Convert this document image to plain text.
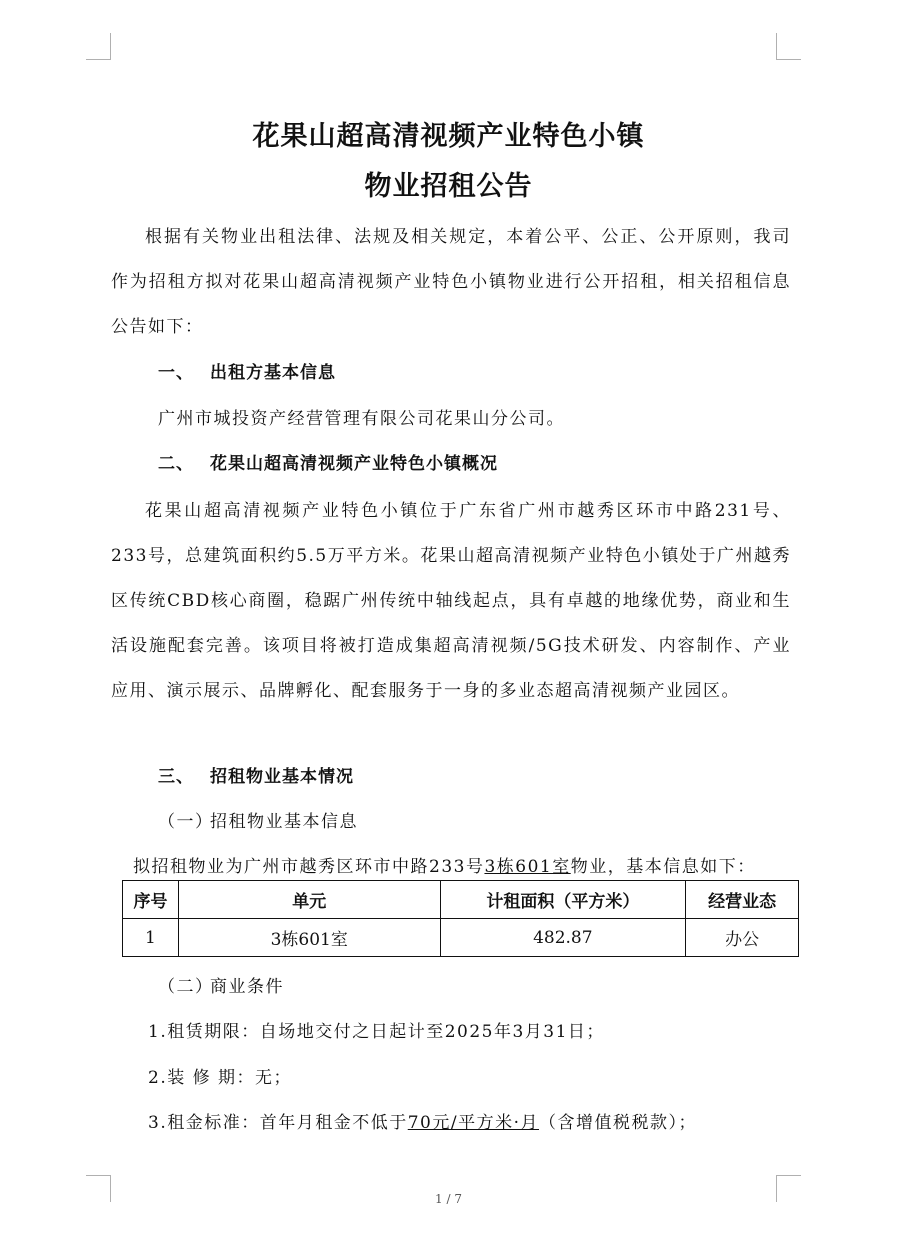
花果山超高清视频产业特色小镇
物业招租公告
根据有关物业出租法律、法规及相关规定，本着公平、公正、公开原则，我司作为招租方拟对花果山超高清视频产业特色小镇物业进行公开招租，相关招租信息公告如下：
一、 出租方基本信息
广州市城投资产经营管理有限公司花果山分公司。
二、 花果山超高清视频产业特色小镇概况
花果山超高清视频产业特色小镇位于广东省广州市越秀区环市中路231号、233号，总建筑面积约5.5万平方米。花果山超高清视频产业特色小镇处于广州越秀区传统CBD核心商圈，稳踞广州传统中轴线起点，具有卓越的地缘优势，商业和生活设施配套完善。该项目将被打造成集超高清视频/5G技术研发、内容制作、产业应用、演示展示、品牌孵化、配套服务于一身的多业态超高清视频产业园区。
三、 招租物业基本情况
（一）招租物业基本信息
拟招租物业为广州市越秀区环市中路233号3栋601室物业，基本信息如下：
序号	单元	计租面积（平方米）	经营业态
1	3栋601室	482.87	办公
（二）商业条件
1.租赁期限：自场地交付之日起计至2025年3月31日；
2.装 修 期：无；
3.租金标准：首年月租金不低于70元/平方米·月（含增值税税款）；
1 / 7
